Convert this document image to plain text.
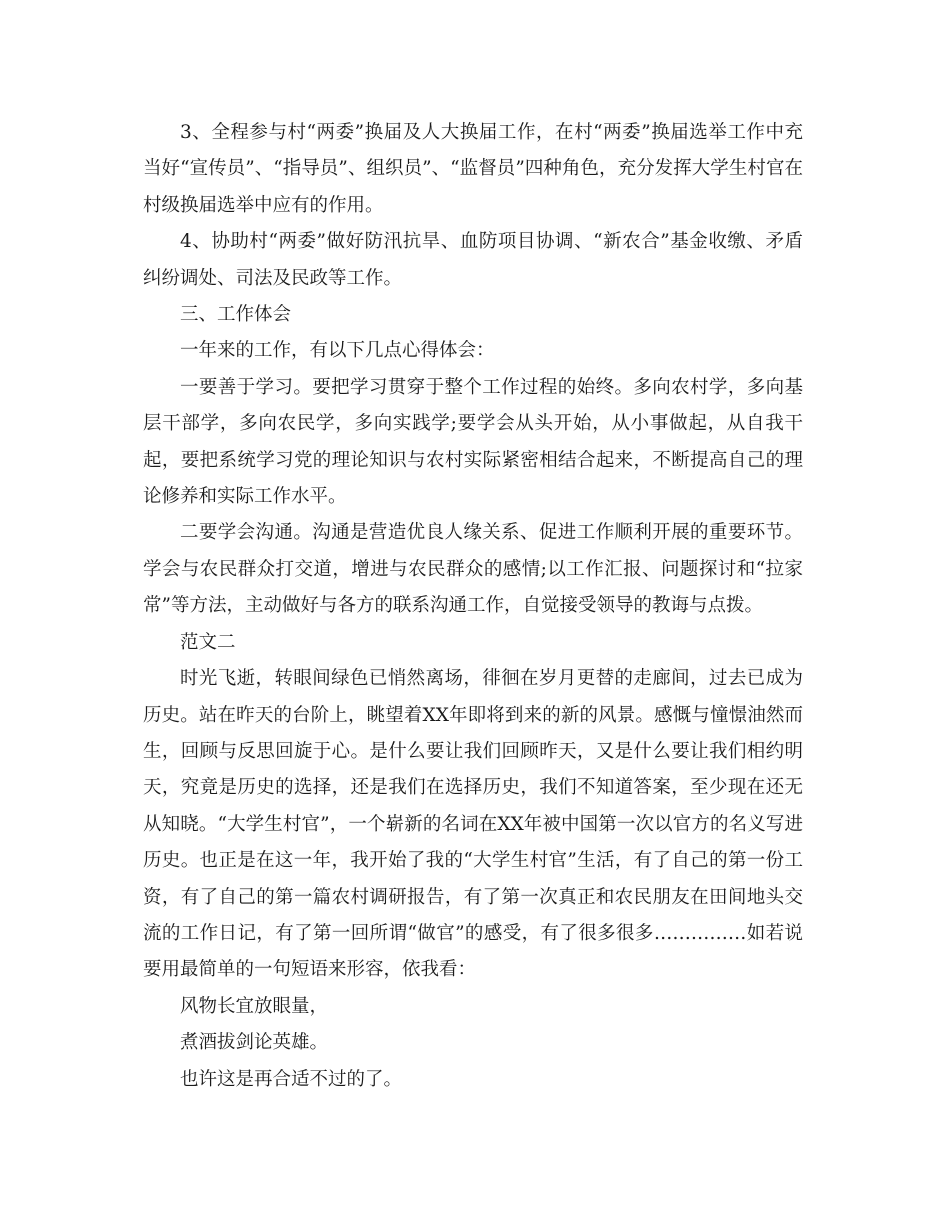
3、全程参与村“两委”换届及人大换届工作，在村“两委”换届选举工作中充当好“宣传员”、“指导员”、组织员”、“监督员”四种角色，充分发挥大学生村官在村级换届选举中应有的作用。

4、协助村“两委”做好防汛抗旱、血防项目协调、“新农合”基金收缴、矛盾纠纷调处、司法及民政等工作。

三、工作体会

一年来的工作，有以下几点心得体会：

一要善于学习。要把学习贯穿于整个工作过程的始终。多向农村学，多向基层干部学，多向农民学，多向实践学;要学会从头开始，从小事做起，从自我干起，要把系统学习党的理论知识与农村实际紧密相结合起来，不断提高自己的理论修养和实际工作水平。

二要学会沟通。沟通是营造优良人缘关系、促进工作顺利开展的重要环节。学会与农民群众打交道，增进与农民群众的感情;以工作汇报、问题探讨和“拉家常”等方法，主动做好与各方的联系沟通工作，自觉接受领导的教诲与点拨。

范文二

时光飞逝，转眼间绿色已悄然离场，徘徊在岁月更替的走廊间，过去已成为历史。站在昨天的台阶上，眺望着XX年即将到来的新的风景。感慨与憧憬油然而生，回顾与反思回旋于心。是什么要让我们回顾昨天，又是什么要让我们相约明天，究竟是历史的选择，还是我们在选择历史，我们不知道答案，至少现在还无从知晓。“大学生村官”，一个崭新的名词在XX年被中国第一次以官方的名义写进历史。也正是在这一年，我开始了我的“大学生村官”生活，有了自己的第一份工资，有了自己的第一篇农村调研报告，有了第一次真正和农民朋友在田间地头交流的工作日记，有了第一回所谓“做官”的感受，有了很多很多……………如若说要用最简单的一句短语来形容，依我看：

风物长宜放眼量，

煮酒拔剑论英雄。

也许这是再合适不过的了。
